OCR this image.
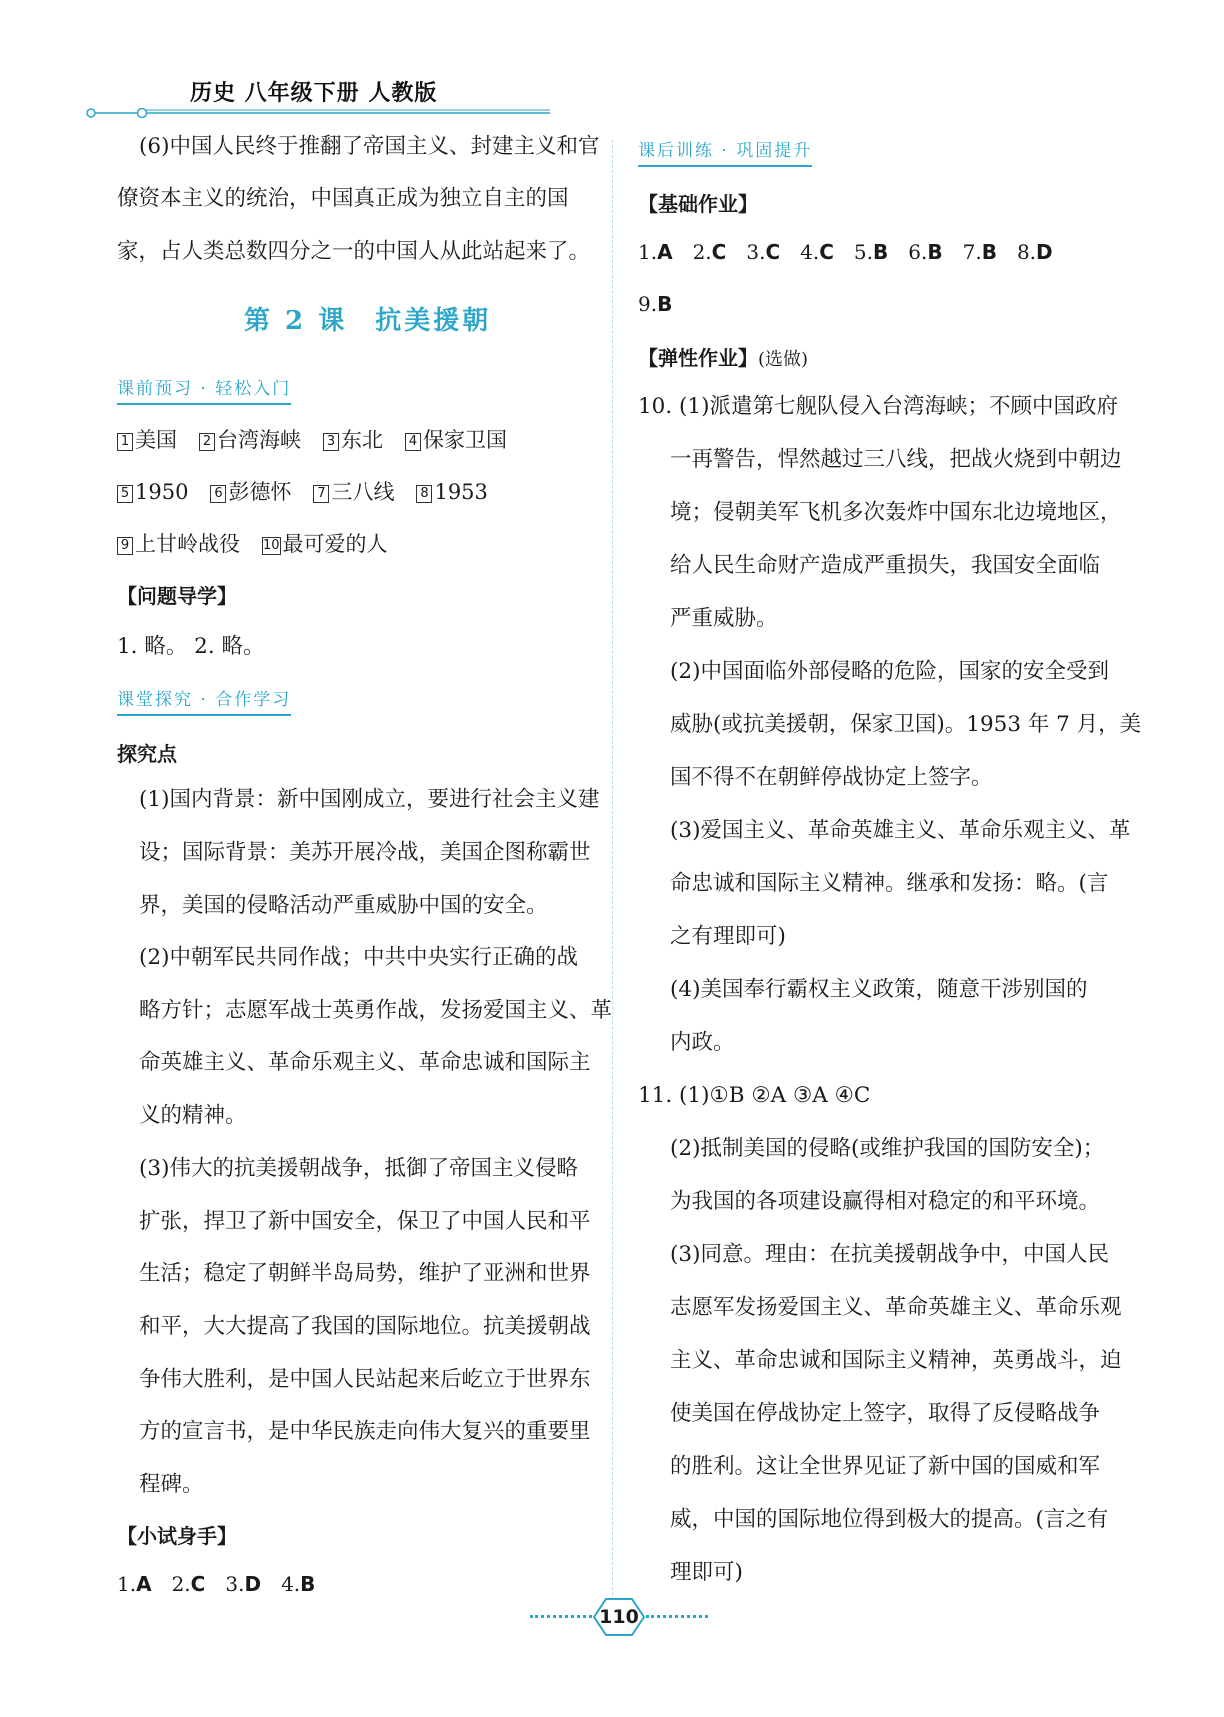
历史 八年级下册 人教版
(6)中国人民终于推翻了帝国主义、封建主义和官
僚资本主义的统治，中国真正成为独立自主的国
家，占人类总数四分之一的中国人从此站起来了。
第 2 课 抗美援朝
课前预习 · 轻松入门
1 美国 2 台湾海峡 3 东北 4 保家卫国
5 1950 6 彭德怀 7 三八线 8 1953
9 上甘岭战役 10 最可爱的人
【问题导学】
1. 略。 2. 略。
课堂探究 · 合作学习
探究点
(1)国内背景：新中国刚成立，要进行社会主义建
设；国际背景：美苏开展冷战，美国企图称霸世
界，美国的侵略活动严重威胁中国的安全。
(2)中朝军民共同作战；中共中央实行正确的战
略方针；志愿军战士英勇作战，发扬爱国主义、革
命英雄主义、革命乐观主义、革命忠诚和国际主
义的精神。
(3)伟大的抗美援朝战争，抵御了帝国主义侵略
扩张，捍卫了新中国安全，保卫了中国人民和平
生活；稳定了朝鲜半岛局势，维护了亚洲和世界
和平，大大提高了我国的国际地位。抗美援朝战
争伟大胜利，是中国人民站起来后屹立于世界东
方的宣言书，是中华民族走向伟大复兴的重要里
程碑。
【小试身手】
1.A 2.C 3.D 4.B
课后训练 · 巩固提升
【基础作业】
1.A 2.C 3.C 4.C 5.B 6.B 7.B 8.D
9.B
【弹性作业】(选做)
10. (1)派遣第七舰队侵入台湾海峡；不顾中国政府
一再警告，悍然越过三八线，把战火烧到中朝边
境；侵朝美军飞机多次轰炸中国东北边境地区，
给人民生命财产造成严重损失，我国安全面临
严重威胁。
(2)中国面临外部侵略的危险，国家的安全受到
威胁(或抗美援朝，保家卫国)。1953 年 7 月，美
国不得不在朝鲜停战协定上签字。
(3)爱国主义、革命英雄主义、革命乐观主义、革
命忠诚和国际主义精神。继承和发扬：略。(言
之有理即可)
(4)美国奉行霸权主义政策，随意干涉别国的
内政。
11. (1)①B ②A ③A ④C
(2)抵制美国的侵略(或维护我国的国防安全)；
为我国的各项建设赢得相对稳定的和平环境。
(3)同意。理由：在抗美援朝战争中，中国人民
志愿军发扬爱国主义、革命英雄主义、革命乐观
主义、革命忠诚和国际主义精神，英勇战斗，迫
使美国在停战协定上签字，取得了反侵略战争
的胜利。这让全世界见证了新中国的国威和军
威，中国的国际地位得到极大的提高。(言之有
理即可)
110
